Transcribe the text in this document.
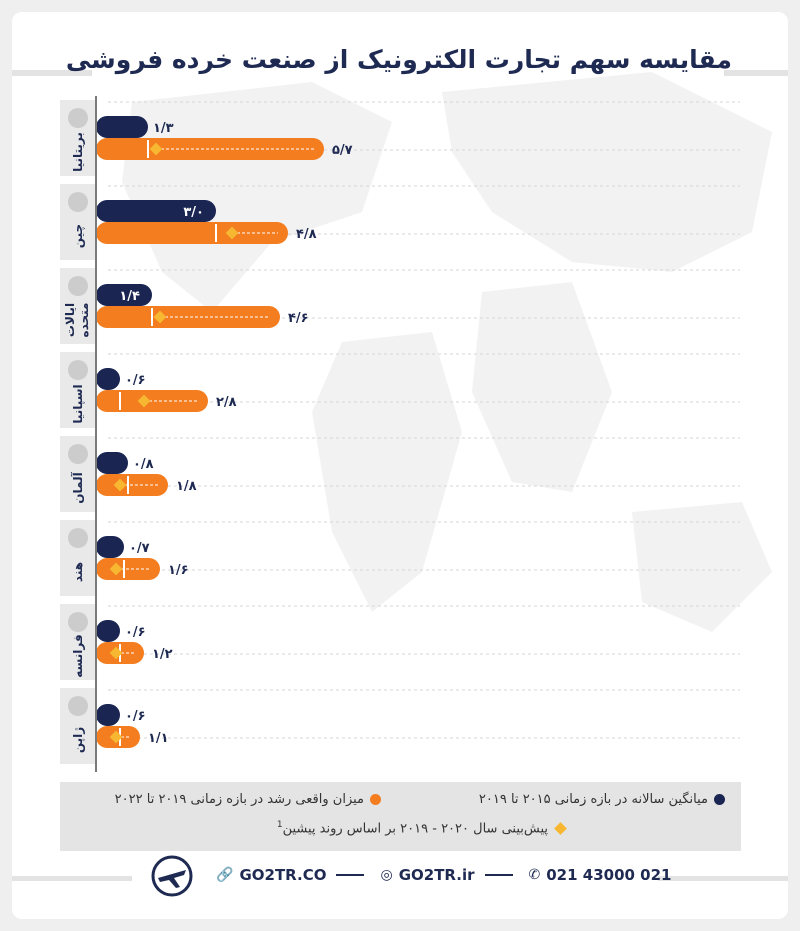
مقایسه سهم تجارت الکترونیک از صنعت خرده فروشی
بریتانیا
۱/۳
۵/۷
چین
۳/۰
۴/۸
ایالاتمتحده
۱/۴
۴/۶
اسپانیا
۰/۶
۲/۸
آلمان
۰/۸
۱/۸
هند
۰/۷
۱/۶
فرانسه
۰/۶
۱/۲
ژاپن
۰/۶
۱/۱
میانگین سالانه در بازه زمانی ۲۰۱۵ تا ۲۰۱۹
میزان واقعی رشد در بازه زمانی ۲۰۱۹ تا ۲۰۲۲
پیش‌بینی سال ۲۰۲۰ - ۲۰۱۹ بر اساس روند پیشین$^1$
🔗 GO2TR.CO	◎ GO2TR.ir	✆ 021 43000 021
